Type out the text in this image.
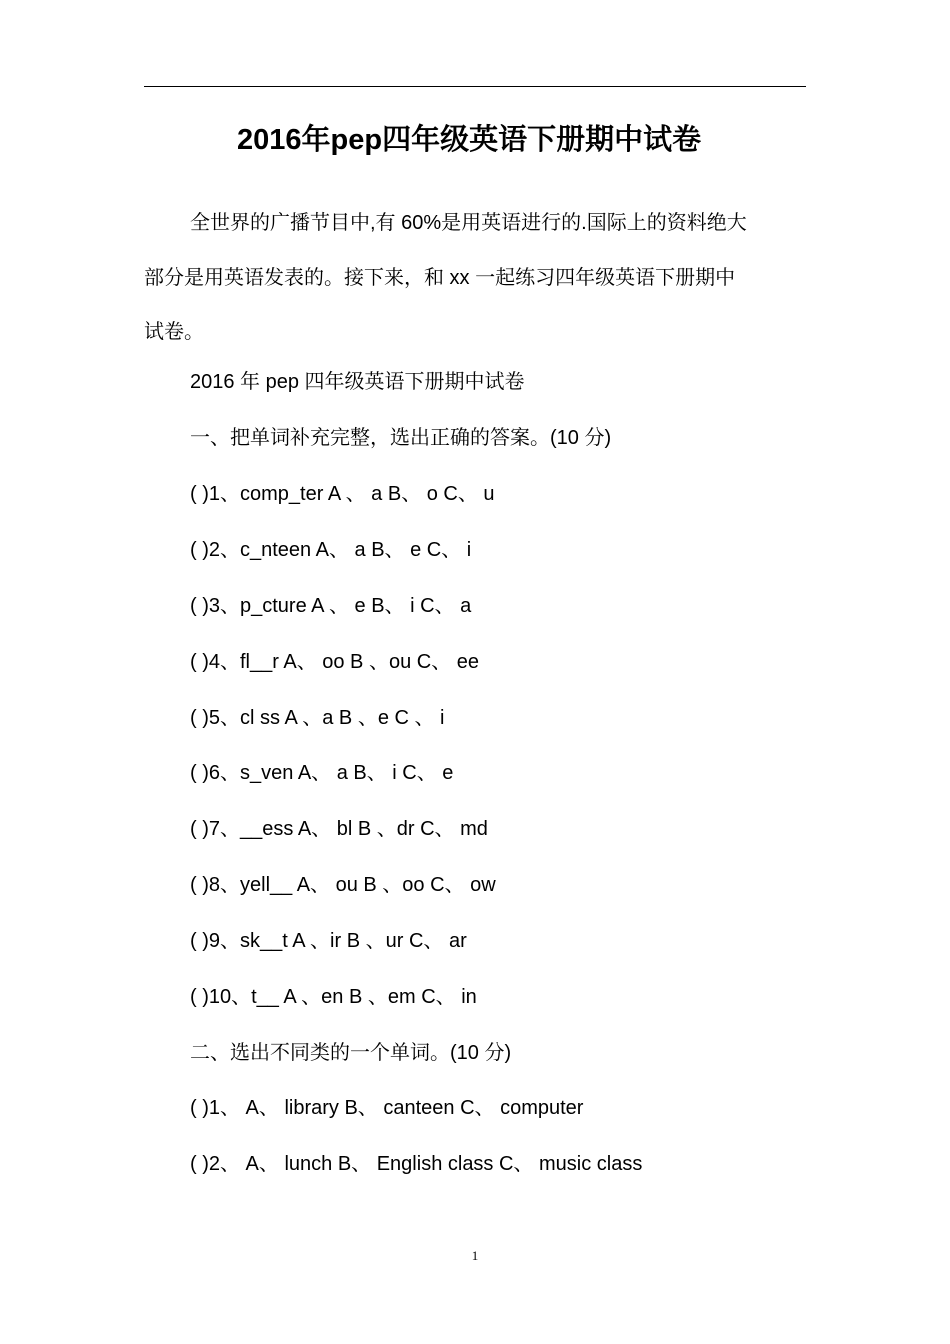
2016年pep四年级英语下册期中试卷
全世界的广播节目中,有 60%是用英语进行的.国际上的资料绝大
部分是用英语发表的。接下来，和 xx 一起练习四年级英语下册期中
试卷。
2016 年 pep 四年级英语下册期中试卷
一、把单词补充完整，选出正确的答案。(10 分)
( )1、comp_ter A 、 a B、 o C、 u
( )2、c_nteen A、 a B、 e C、 i
( )3、p_cture A 、 e B、 i C、 a
( )4、fl__r A、 oo B 、ou C、 ee
( )5、cl ss A 、a B 、e C 、 i
( )6、s_ven A、 a B、 i C、 e
( )7、__ess A、 bl B 、dr C、 md
( )8、yell__ A、 ou B 、oo C、 ow
( )9、sk__t A 、ir B 、ur C、 ar
( )10、t__ A 、en B 、em C、 in
二、选出不同类的一个单词。(10 分)
( )1、 A、 library B、 canteen C、 computer
( )2、 A、 lunch B、 English class C、 music class
1
